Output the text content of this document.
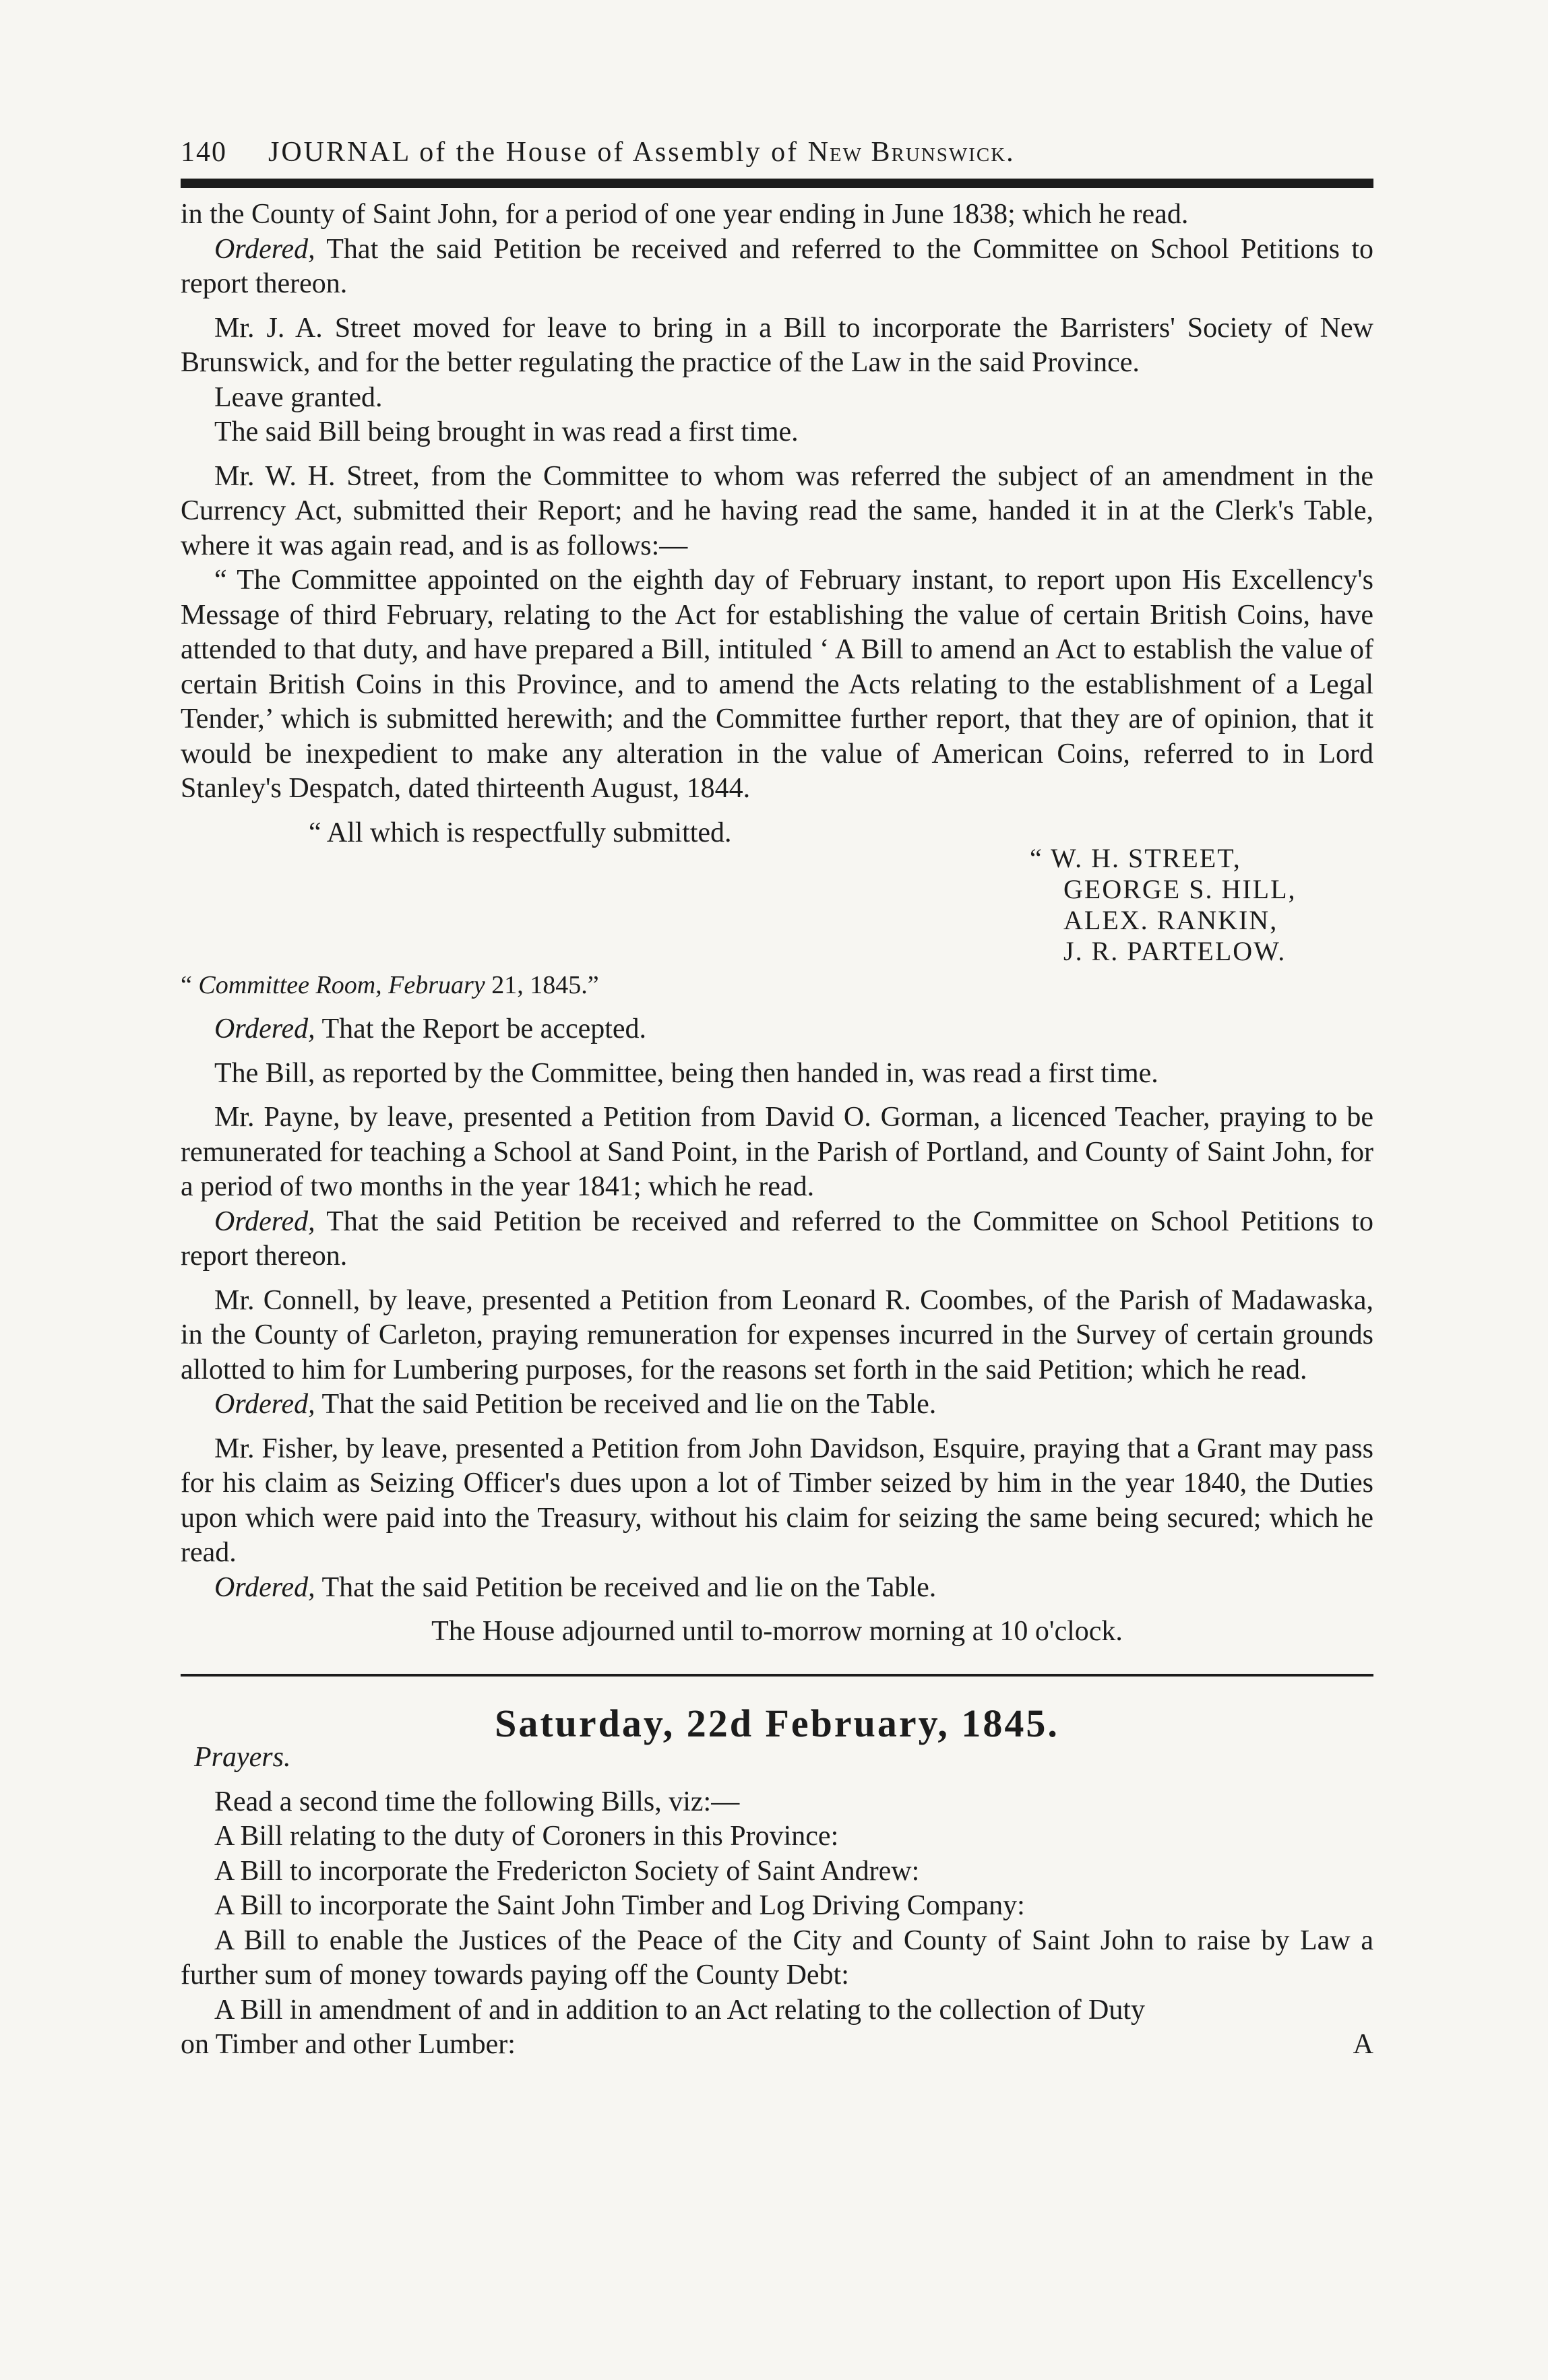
140	JOURNAL of the House of Assembly of New Brunswick.

in the County of Saint John, for a period of one year ending in June 1838; which he read.

Ordered, That the said Petition be received and referred to the Committee on School Petitions to report thereon.

Mr. J. A. Street moved for leave to bring in a Bill to incorporate the Barristers' Society of New Brunswick, and for the better regulating the practice of the Law in the said Province.

Leave granted.

The said Bill being brought in was read a first time.

Mr. W. H. Street, from the Committee to whom was referred the subject of an amendment in the Currency Act, submitted their Report; and he having read the same, handed it in at the Clerk's Table, where it was again read, and is as follows:—

“ The Committee appointed on the eighth day of February instant, to report upon His Excellency's Message of third February, relating to the Act for establishing the value of certain British Coins, have attended to that duty, and have prepared a Bill, intituled ‘ A Bill to amend an Act to establish the value of certain British Coins in this Province, and to amend the Acts relating to the establishment of a Legal Tender,’ which is submitted herewith; and the Committee further report, that they are of opinion, that it would be inexpedient to make any alteration in the value of American Coins, referred to in Lord Stanley's Despatch, dated thirteenth August, 1844.

“ All which is respectfully submitted.
“ W. H. STREET,
GEORGE S. HILL,
ALEX. RANKIN,
J. R. PARTELOW.

“ Committee Room, February 21, 1845.”

Ordered, That the Report be accepted.

The Bill, as reported by the Committee, being then handed in, was read a first time.

Mr. Payne, by leave, presented a Petition from David O. Gorman, a licenced Teacher, praying to be remunerated for teaching a School at Sand Point, in the Parish of Portland, and County of Saint John, for a period of two months in the year 1841; which he read.

Ordered, That the said Petition be received and referred to the Committee on School Petitions to report thereon.

Mr. Connell, by leave, presented a Petition from Leonard R. Coombes, of the Parish of Madawaska, in the County of Carleton, praying remuneration for expenses incurred in the Survey of certain grounds allotted to him for Lumbering purposes, for the reasons set forth in the said Petition; which he read.

Ordered, That the said Petition be received and lie on the Table.

Mr. Fisher, by leave, presented a Petition from John Davidson, Esquire, praying that a Grant may pass for his claim as Seizing Officer's dues upon a lot of Timber seized by him in the year 1840, the Duties upon which were paid into the Treasury, without his claim for seizing the same being secured; which he read.

Ordered, That the said Petition be received and lie on the Table.

The House adjourned until to-morrow morning at 10 o'clock.

Saturday, 22d February, 1845.

Prayers.

Read a second time the following Bills, viz:—

A Bill relating to the duty of Coroners in this Province:

A Bill to incorporate the Fredericton Society of Saint Andrew:

A Bill to incorporate the Saint John Timber and Log Driving Company:

A Bill to enable the Justices of the Peace of the City and County of Saint John to raise by Law a further sum of money towards paying off the County Debt:

A Bill in amendment of and in addition to an Act relating to the collection of Duty

on Timber and other Lumber:	A
